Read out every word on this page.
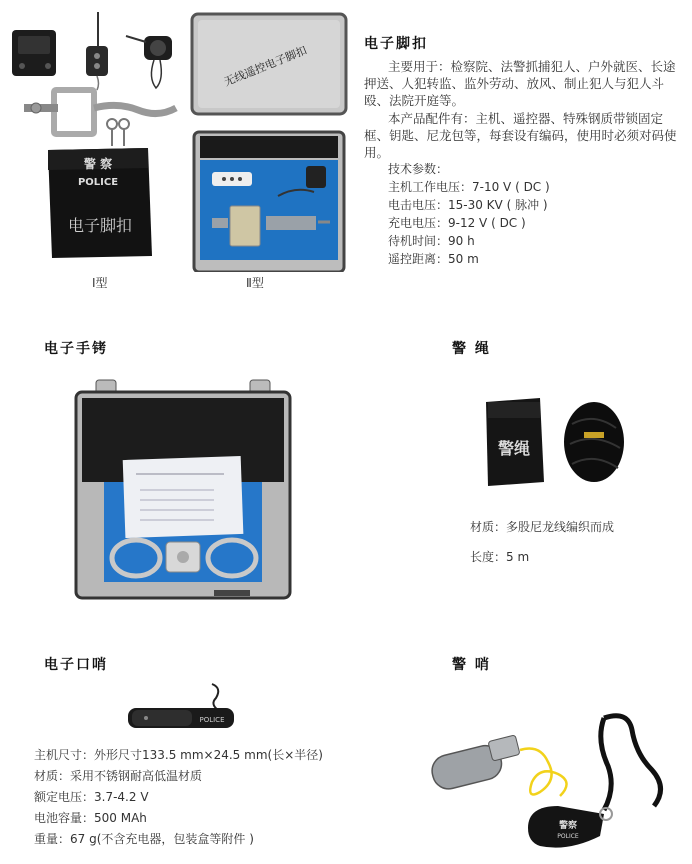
警 察
POLICE
电子脚扣
Ⅰ型
无线遥控电子脚扣
Ⅱ型
电子脚扣
主要用于：检察院、法警抓捕犯人、户外就医、长途押送、人犯转监、监外劳动、放风、制止犯人与犯人斗殴、法院开庭等。
本产品配件有：主机、遥控器、特殊钢质带锁固定框、钥匙、尼龙包等，每套设有编码，使用时必须对码使用。
技术参数：
主机工作电压：7-10 V ( DC )
电击电压：15-30 KV ( 脉冲 )
充电电压：9-12 V ( DC )
待机时间：90 h
遥控距离：50 m
电子手铐	警 绳
警绳
材质：多股尼龙线编织而成
长度：5 m
电子口哨
POLICE
主机尺寸：外形尺寸133.5 mm×24.5 mm(长×半径)
材质：采用不锈钢耐高低温材质
额定电压：3.7-4.2 V
电池容量：500 MAh
重量：67 g(不含充电器，包装盒等附件 )
警 哨
警察
POLICE
